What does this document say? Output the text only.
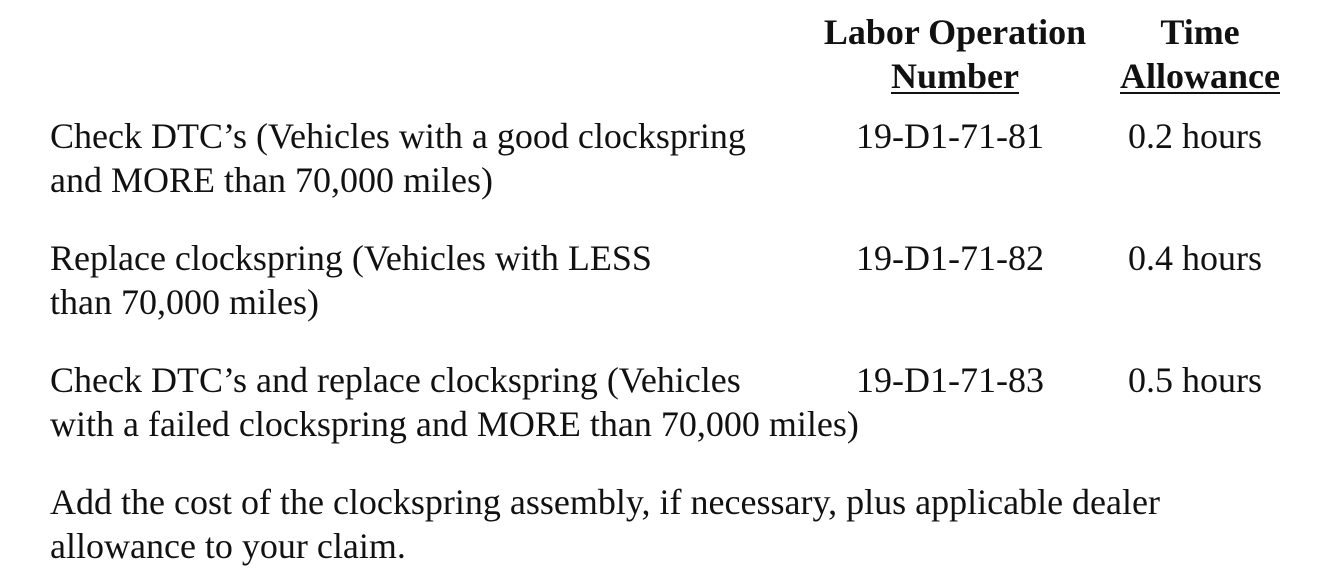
Labor Operation
Number
Time
Allowance
Check DTC’s (Vehicles with a good clockspring
and MORE than 70,000 miles)
19-D1-71-81 0.2 hours
Replace clockspring (Vehicles with LESS
than 70,000 miles)
19-D1-71-82 0.4 hours
Check DTC’s and replace clockspring (Vehicles
with a failed clockspring and MORE than 70,000 miles)
19-D1-71-83 0.5 hours
Add the cost of the clockspring assembly, if necessary, plus applicable dealer
allowance to your claim.
